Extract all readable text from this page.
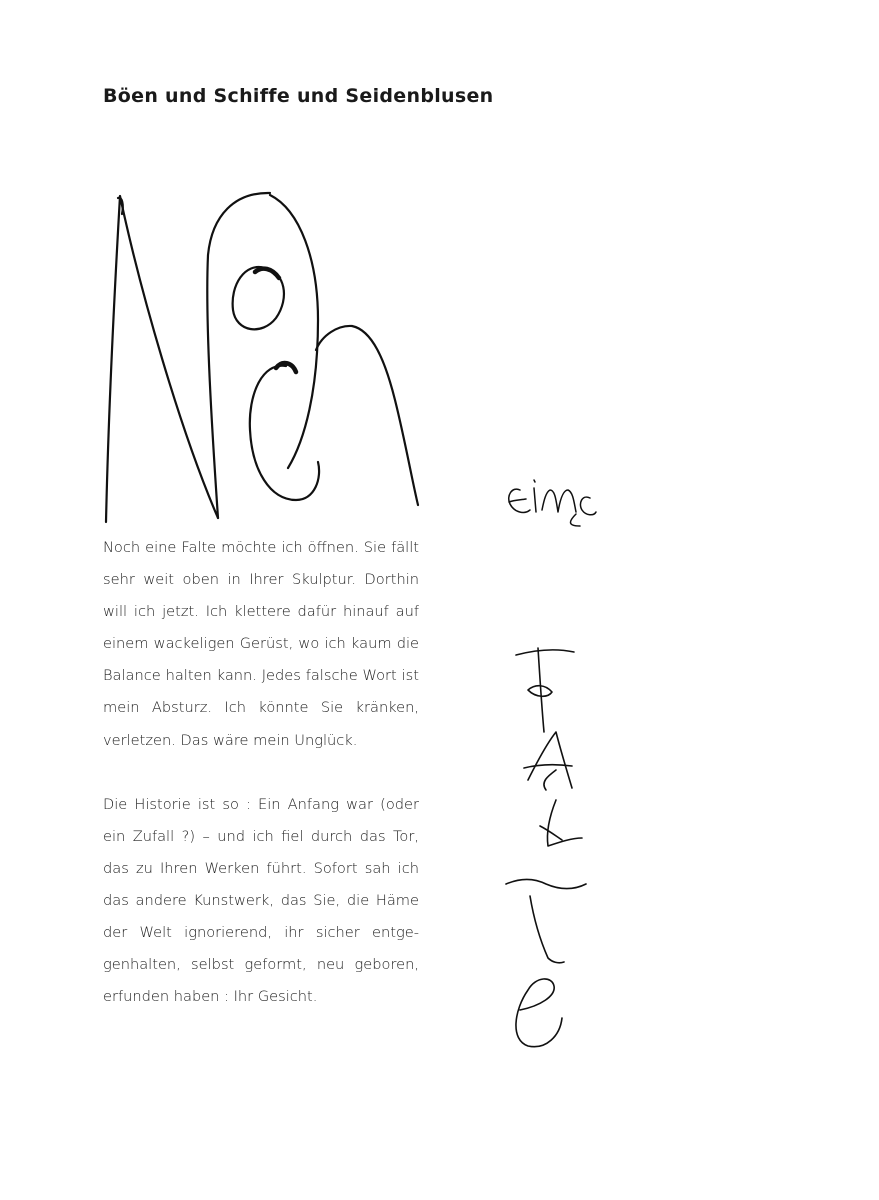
Böen und Schiffe und Seidenblusen

Noch eine Falte möchte ich öffnen. Sie fällt sehr weit oben in Ihrer Skulptur. Dorthin will ich jetzt. Ich klettere dafür hinauf auf einem wackeligen Gerüst, wo ich kaum die Balance halten kann. Jedes falsche Wort ist mein Absturz. Ich könnte Sie kränken, verletzen. Das wäre mein Unglück.

Die Historie ist so : Ein Anfang war (oder ein Zufall ?) – und ich fiel durch das Tor, das zu Ihren Werken führt. Sofort sah ich das andere Kunstwerk, das Sie, die Häme der Welt ignorierend, ihr sicher entgegenhalten, selbst geformt, neu geboren, erfunden haben : Ihr Gesicht.
